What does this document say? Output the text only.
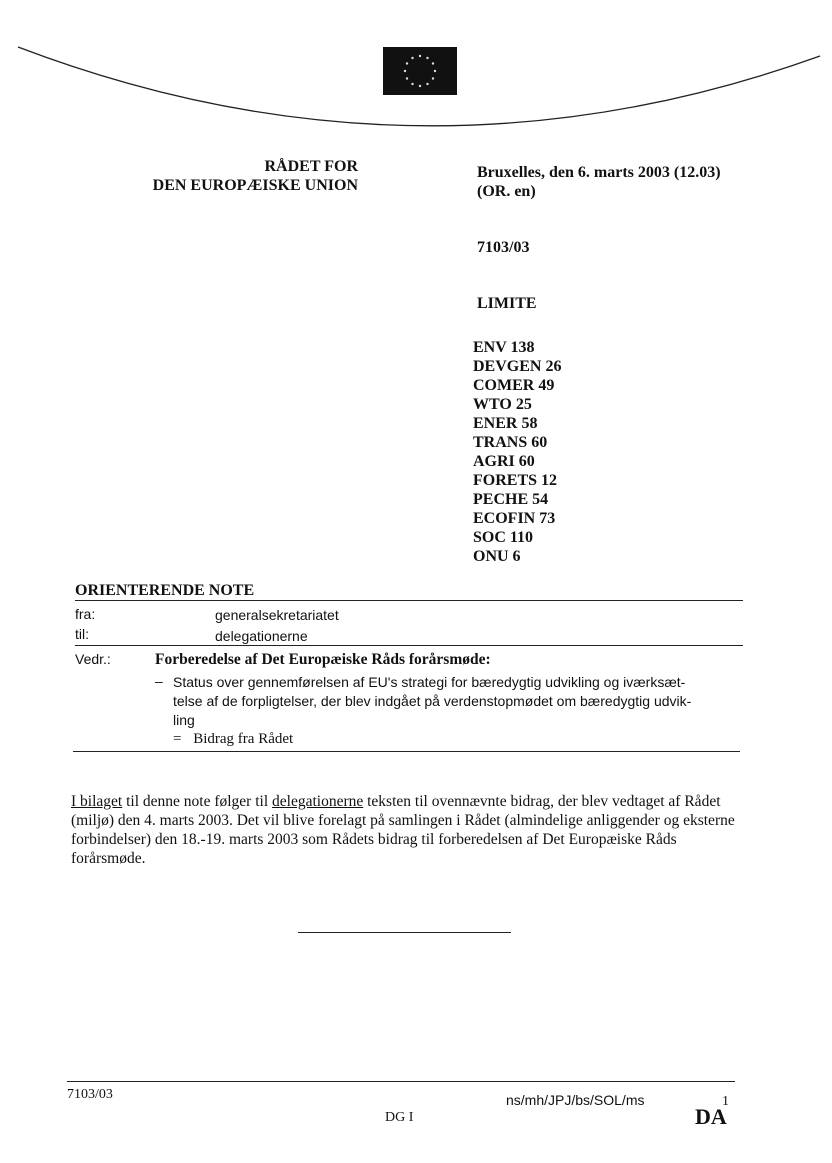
RÅDET FOR
DEN EUROPÆISKE UNION
Bruxelles, den 6. marts 2003 (12.03)
(OR. en)
7103/03
LIMITE
ENV 138
DEVGEN 26
COMER 49
WTO 25
ENER 58
TRANS 60
AGRI 60
FORETS 12
PECHE 54
ECOFIN 73
SOC 110
ONU 6
ORIENTERENDE NOTE
fra:	generalsekretariatet
til:	delegationerne
Vedr.:	Forberedelse af Det Europæiske Råds forårsmøde:
– Status over gennemførelsen af EU's strategi for bæredygtig udvikling og iværksæt-
telse af de forpligtelser, der blev indgået på verdenstopmødet om bæredygtig udvik-
ling
= Bidrag fra Rådet
I bilaget til denne note følger til delegationerne teksten til ovennævnte bidrag, der blev vedtaget af Rådet (miljø) den 4. marts 2003. Det vil blive forelagt på samlingen i Rådet (almindelige anliggender og eksterne forbindelser) den 18.-19. marts 2003 som Rådets bidrag til forberedelsen af Det Europæiske Råds forårsmøde.
7103/03	ns/mh/JPJ/bs/SOL/ms	1
DG I	DA
